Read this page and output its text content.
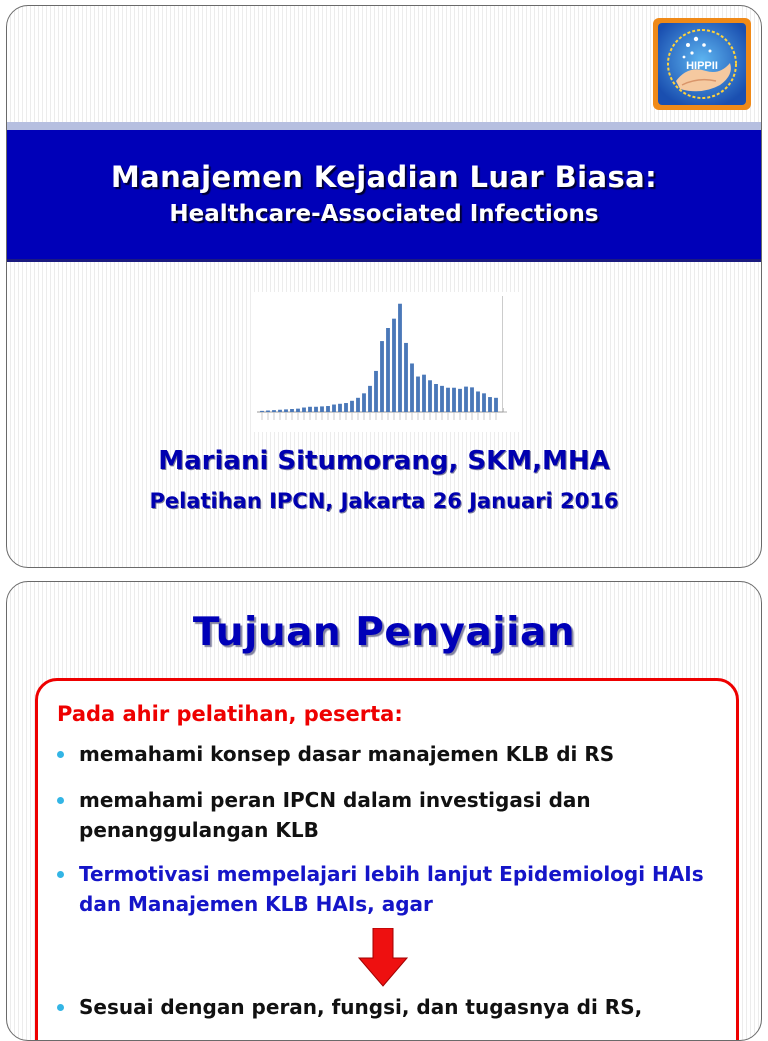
HIPPII
Manajemen Kejadian Luar Biasa:
Healthcare-Associated Infections
Mariani Situmorang, SKM,MHA
Pelatihan IPCN, Jakarta 26 Januari 2016
Tujuan Penyajian
Pada ahir pelatihan, peserta:
memahami konsep dasar manajemen KLB di RS
memahami peran IPCN dalam investigasi dan penanggulangan KLB
Termotivasi mempelajari lebih lanjut Epidemiologi HAIs dan Manajemen KLB HAIs, agar
Sesuai dengan peran, fungsi, dan tugasnya di RS,
